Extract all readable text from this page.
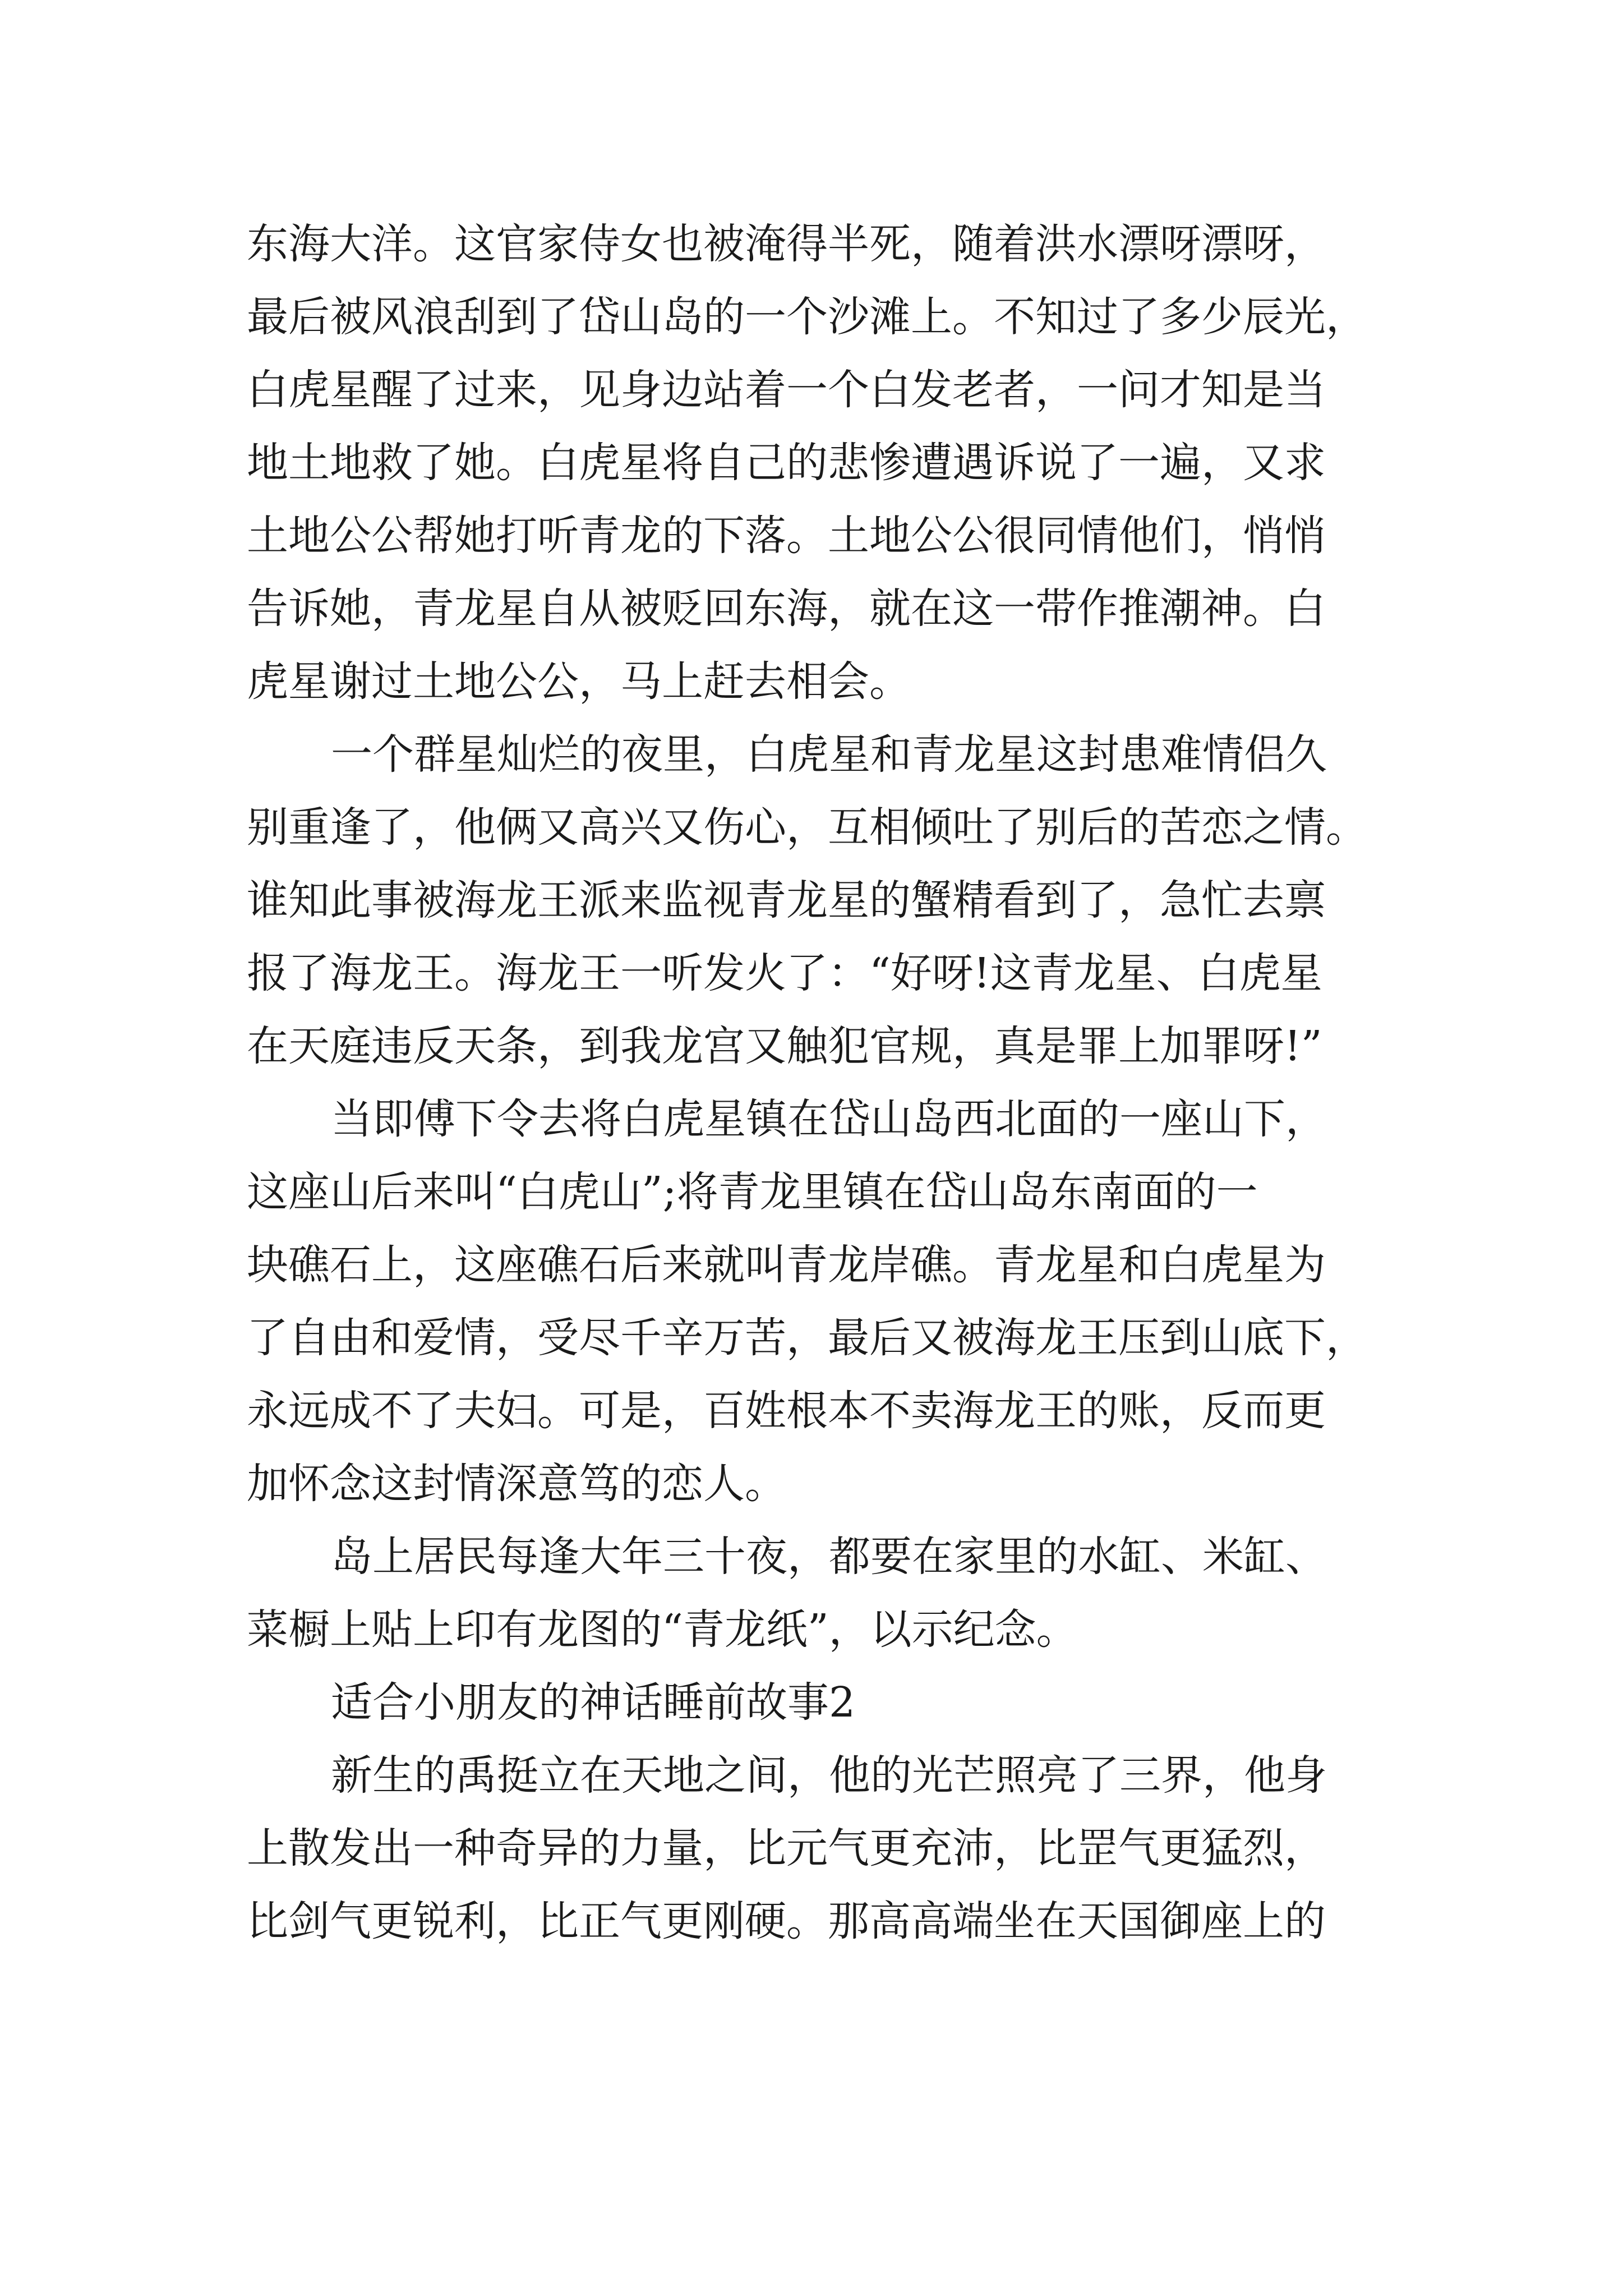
东海大洋。这官家侍女也被淹得半死，随着洪水漂呀漂呀，
最后被风浪刮到了岱山岛的一个沙滩上。不知过了多少辰光，
白虎星醒了过来，见身边站着一个白发老者，一问才知是当
地土地救了她。白虎星将自己的悲惨遭遇诉说了一遍，又求
土地公公帮她打听青龙的下落。土地公公很同情他们，悄悄
告诉她，青龙星自从被贬回东海，就在这一带作推潮神。白
虎星谢过土地公公，马上赶去相会。
一个群星灿烂的夜里，白虎星和青龙星这封患难情侣久
别重逢了，他俩又高兴又伤心，互相倾吐了别后的苦恋之情。
谁知此事被海龙王派来监视青龙星的蟹精看到了，急忙去禀
报了海龙王。海龙王一听发火了：“好呀!这青龙星、白虎星
在天庭违反天条，到我龙宫又触犯官规，真是罪上加罪呀!”
当即傅下令去将白虎星镇在岱山岛西北面的一座山下，
这座山后来叫“白虎山”;将青龙里镇在岱山岛东南面的一
块礁石上，这座礁石后来就叫青龙岸礁。青龙星和白虎星为
了自由和爱情，受尽千辛万苦，最后又被海龙王压到山底下，
永远成不了夫妇。可是，百姓根本不卖海龙王的账，反而更
加怀念这封情深意笃的恋人。
岛上居民每逢大年三十夜，都要在家里的水缸、米缸、
菜橱上贴上印有龙图的“青龙纸”，以示纪念。
适合小朋友的神话睡前故事2
新生的禹挺立在天地之间，他的光芒照亮了三界，他身
上散发出一种奇异的力量，比元气更充沛，比罡气更猛烈，
比剑气更锐利，比正气更刚硬。那高高端坐在天国御座上的
